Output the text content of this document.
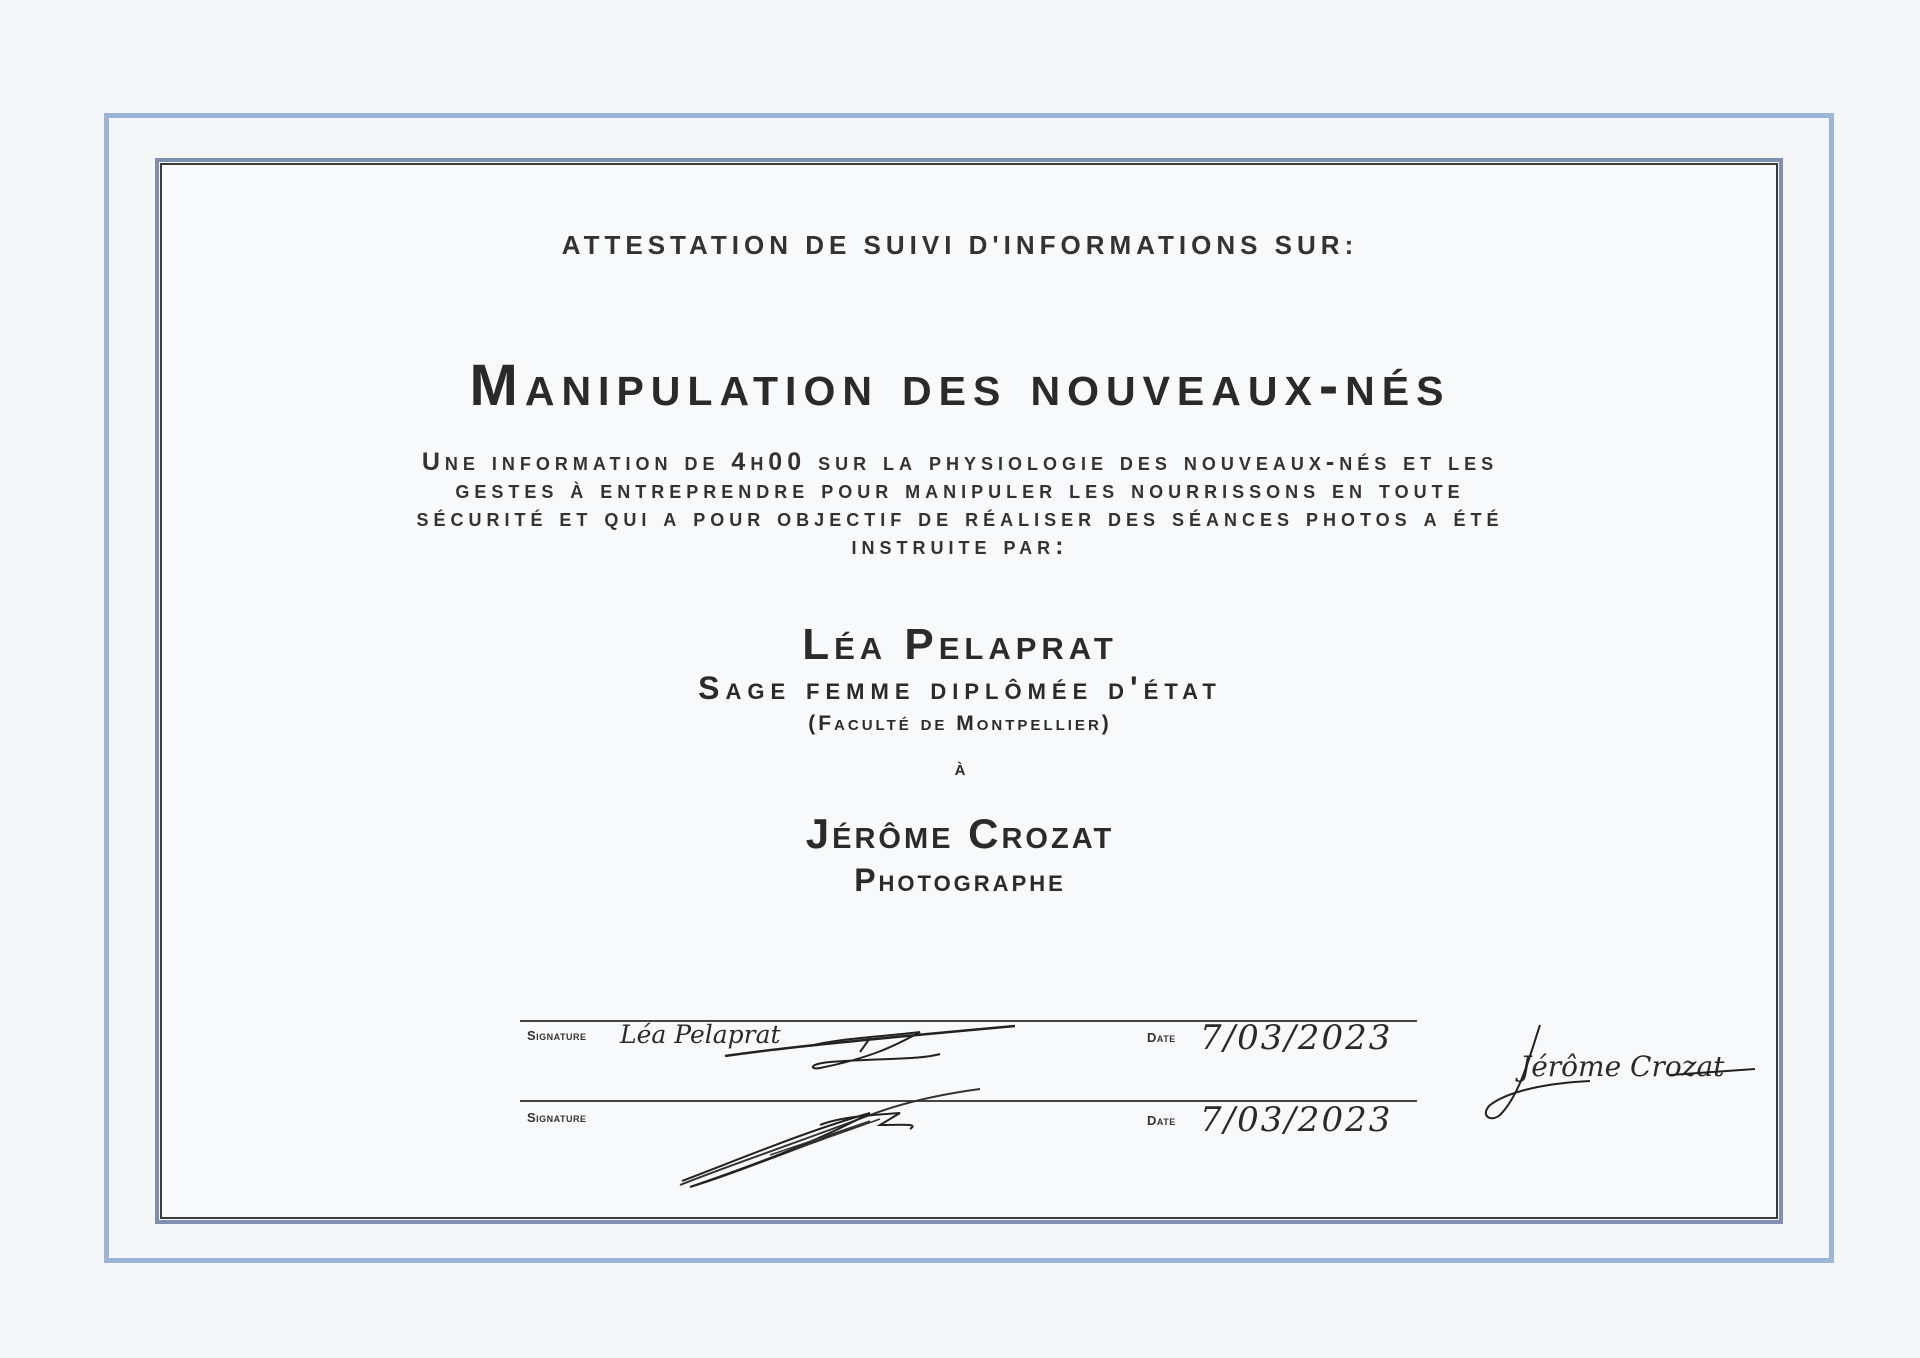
ATTESTATION DE SUIVI D'INFORMATIONS SUR:
Manipulation des nouveaux-nés
Une information de 4h00 sur la physiologie des nouveaux-nés et les
gestes à entreprendre pour manipuler les nourrissons en toute
sécurité et qui a pour objectif de réaliser des séances photos a été
instruite par:
Léa Pelaprat
Sage femme diplômée d'état
(Faculté de Montpellier)
à
Jérôme Crozat
Photographe
Signature Léa Pelaprat	Date 7/03/2023
Signature	Date 7/03/2023
Jérôme Crozat
